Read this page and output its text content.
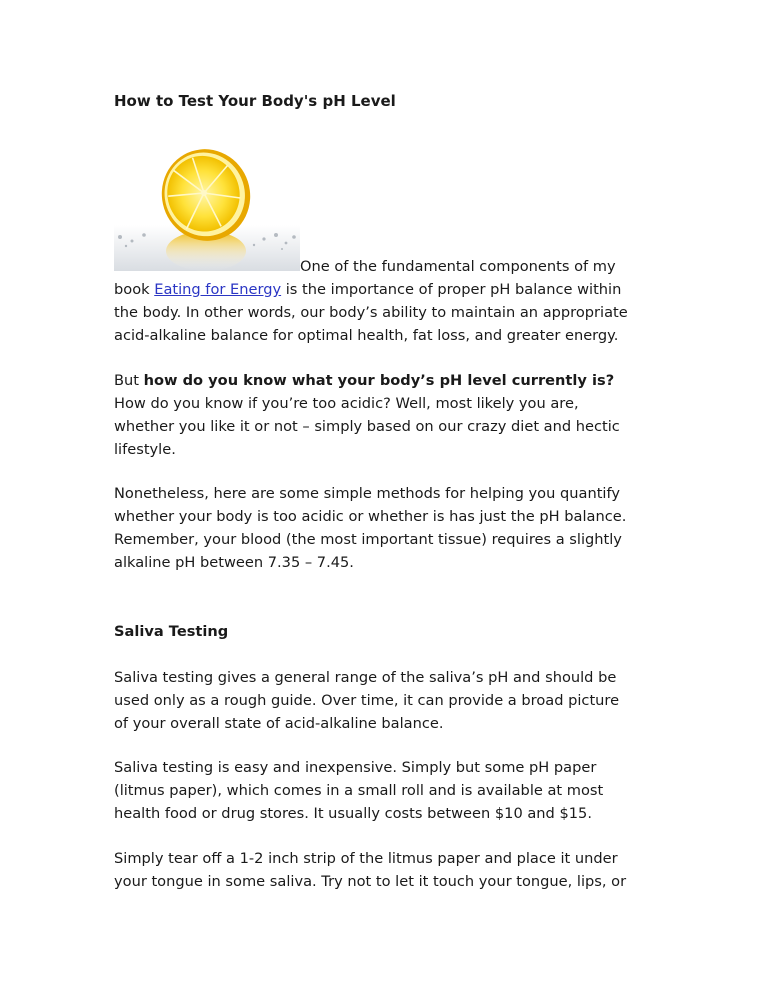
How to Test Your Body's pH Level
One of the fundamental components of my
book Eating for Energy is the importance of proper pH balance within
the body. In other words, our body’s ability to maintain an appropriate
acid-alkaline balance for optimal health, fat loss, and greater energy.
But how do you know what your body’s pH level currently is?
How do you know if you’re too acidic? Well, most likely you are,
whether you like it or not – simply based on our crazy diet and hectic
lifestyle.
Nonetheless, here are some simple methods for helping you quantify
whether your body is too acidic or whether is has just the pH balance.
Remember, your blood (the most important tissue) requires a slightly
alkaline pH between 7.35 – 7.45.
Saliva Testing
Saliva testing gives a general range of the saliva’s pH and should be
used only as a rough guide. Over time, it can provide a broad picture
of your overall state of acid-alkaline balance.
Saliva testing is easy and inexpensive. Simply but some pH paper
(litmus paper), which comes in a small roll and is available at most
health food or drug stores. It usually costs between $10 and $15.
Simply tear off a 1-2 inch strip of the litmus paper and place it under
your tongue in some saliva. Try not to let it touch your tongue, lips, or
